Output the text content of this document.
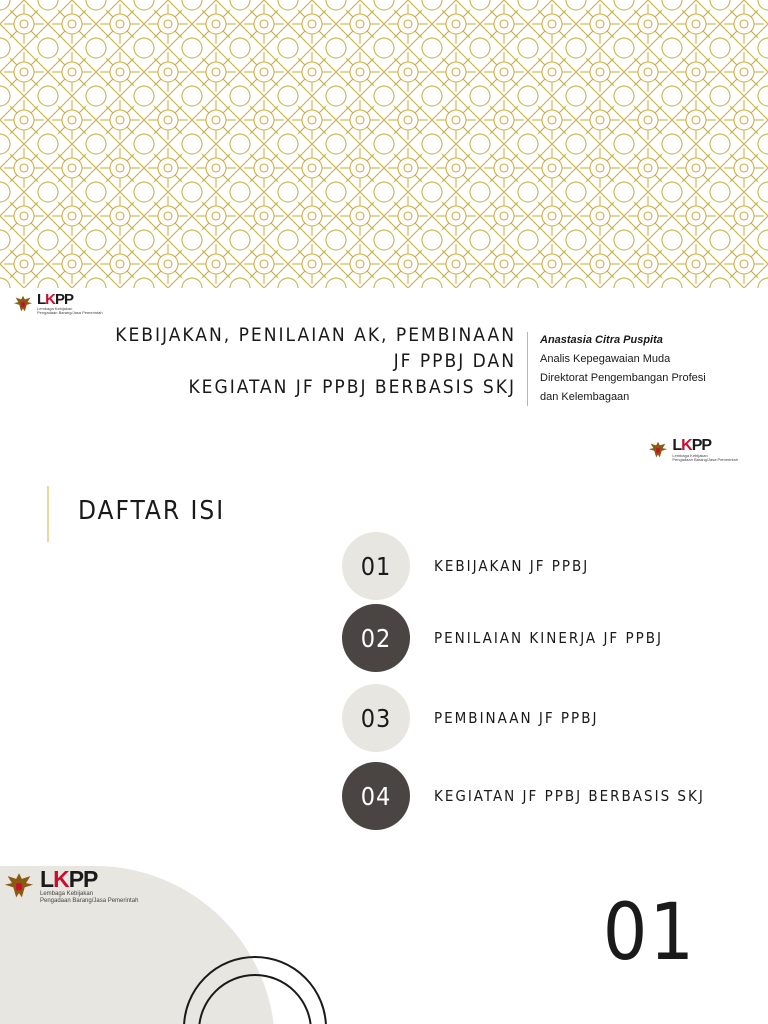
LKPP
Lembaga Kebijakan
Pengadaan Barang/Jasa Pemerintah
KEBIJAKAN, PENILAIAN AK, PEMBINAAN
JF PPBJ DAN
KEGIATAN JF PPBJ BERBASIS SKJ
Anastasia Citra Puspita
Analis Kepegawaian Muda
Direktorat Pengembangan Profesi
dan Kelembagaan
LKPP
Lembaga Kebijakan
Pengadaan Barang/Jasa Pemerintah
DAFTAR ISI
01	KEBIJAKAN JF PPBJ
02	PENILAIAN KINERJA JF PPBJ
03	PEMBINAAN JF PPBJ
04	KEGIATAN JF PPBJ BERBASIS SKJ
LKPP
Lembaga Kebijakan
Pengadaan Barang/Jasa Pemerintah	01
